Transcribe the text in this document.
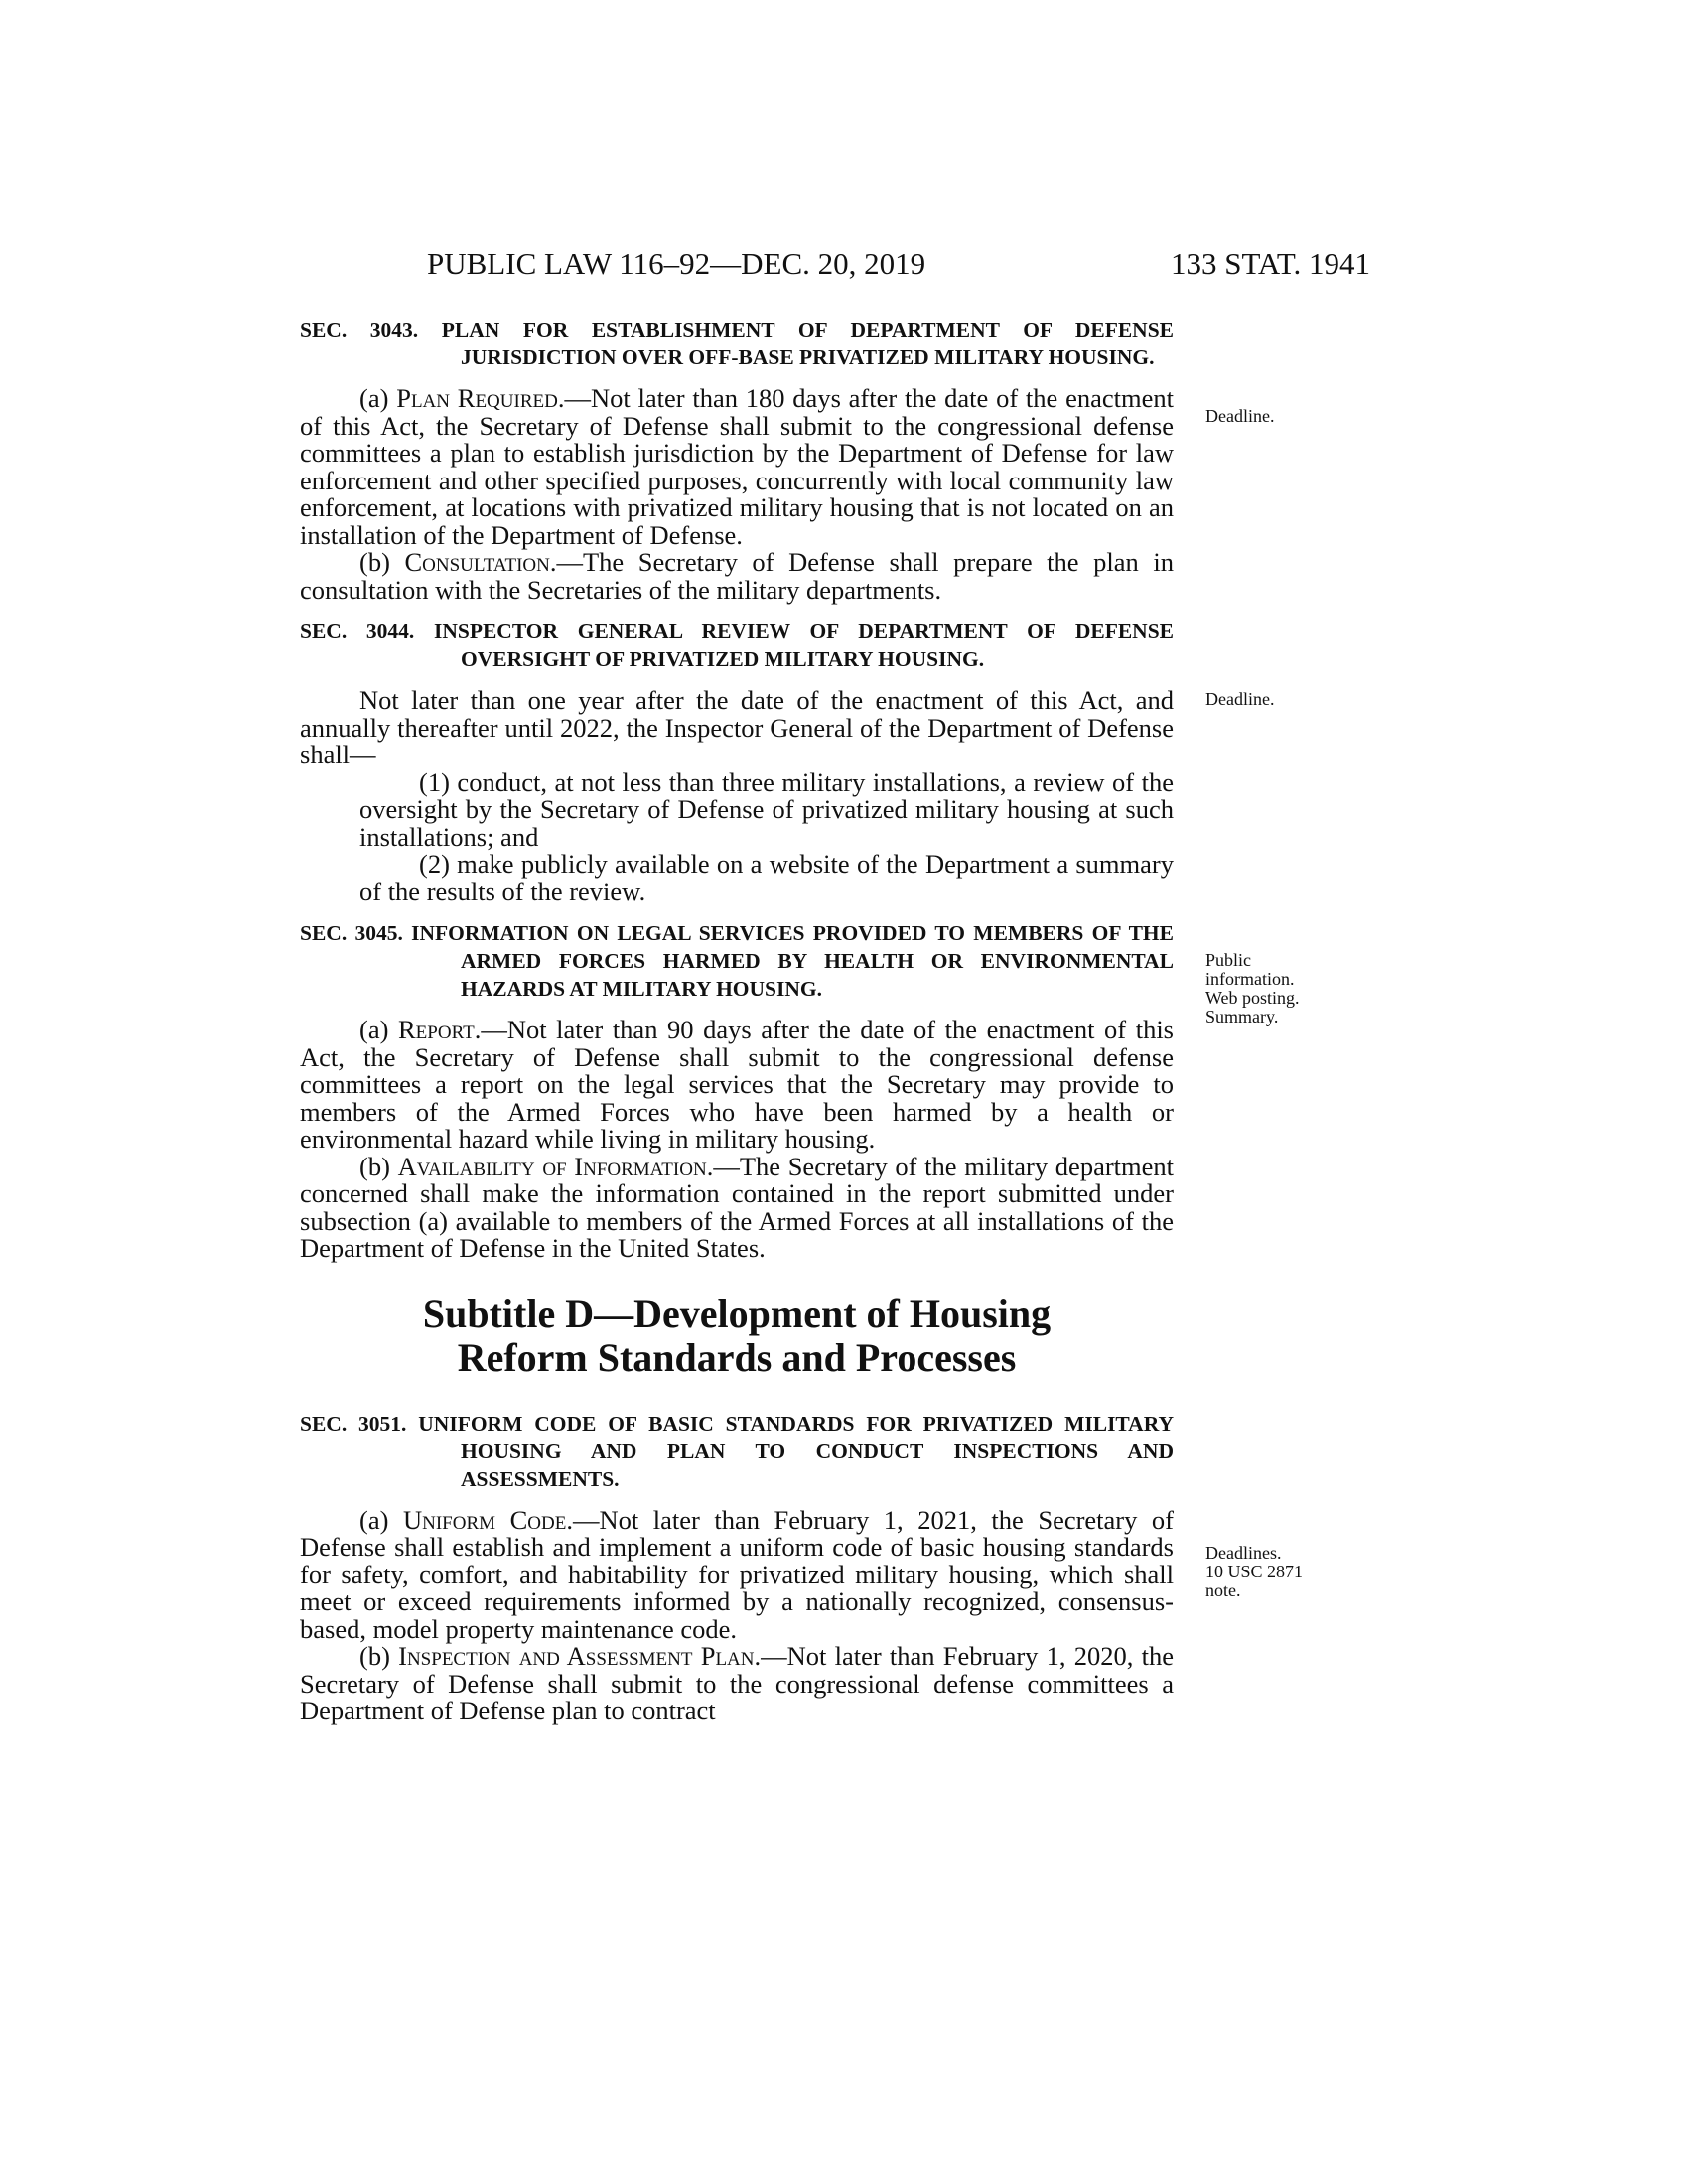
PUBLIC LAW 116–92—DEC. 20, 2019	133 STAT. 1941

SEC. 3043. PLAN FOR ESTABLISHMENT OF DEPARTMENT OF DEFENSE JURISDICTION OVER OFF-BASE PRIVATIZED MILITARY HOUSING.

(a) Plan Required.—Not later than 180 days after the date of the enactment of this Act, the Secretary of Defense shall submit to the congressional defense committees a plan to establish jurisdiction by the Department of Defense for law enforcement and other specified purposes, concurrently with local community law enforcement, at locations with privatized military housing that is not located on an installation of the Department of Defense.

(b) Consultation.—The Secretary of Defense shall prepare the plan in consultation with the Secretaries of the military departments.

SEC. 3044. INSPECTOR GENERAL REVIEW OF DEPARTMENT OF DEFENSE OVERSIGHT OF PRIVATIZED MILITARY HOUSING.

Not later than one year after the date of the enactment of this Act, and annually thereafter until 2022, the Inspector General of the Department of Defense shall—

(1) conduct, at not less than three military installations, a review of the oversight by the Secretary of Defense of privatized military housing at such installations; and

(2) make publicly available on a website of the Department a summary of the results of the review.

SEC. 3045. INFORMATION ON LEGAL SERVICES PROVIDED TO MEMBERS OF THE ARMED FORCES HARMED BY HEALTH OR ENVIRONMENTAL HAZARDS AT MILITARY HOUSING.

(a) Report.—Not later than 90 days after the date of the enactment of this Act, the Secretary of Defense shall submit to the congressional defense committees a report on the legal services that the Secretary may provide to members of the Armed Forces who have been harmed by a health or environmental hazard while living in military housing.

(b) Availability of Information.—The Secretary of the military department concerned shall make the information contained in the report submitted under subsection (a) available to members of the Armed Forces at all installations of the Department of Defense in the United States.

Subtitle D—Development of Housing
Reform Standards and Processes

SEC. 3051. UNIFORM CODE OF BASIC STANDARDS FOR PRIVATIZED MILITARY HOUSING AND PLAN TO CONDUCT INSPECTIONS AND ASSESSMENTS.

(a) Uniform Code.—Not later than February 1, 2021, the Secretary of Defense shall establish and implement a uniform code of basic housing standards for safety, comfort, and habitability for privatized military housing, which shall meet or exceed requirements informed by a nationally recognized, consensus-based, model property maintenance code.

(b) Inspection and Assessment Plan.—Not later than February 1, 2020, the Secretary of Defense shall submit to the congressional defense committees a Department of Defense plan to contract

Deadline.
Deadline.
Public
information.
Web posting.
Summary.
Deadlines.
10 USC 2871
note.
